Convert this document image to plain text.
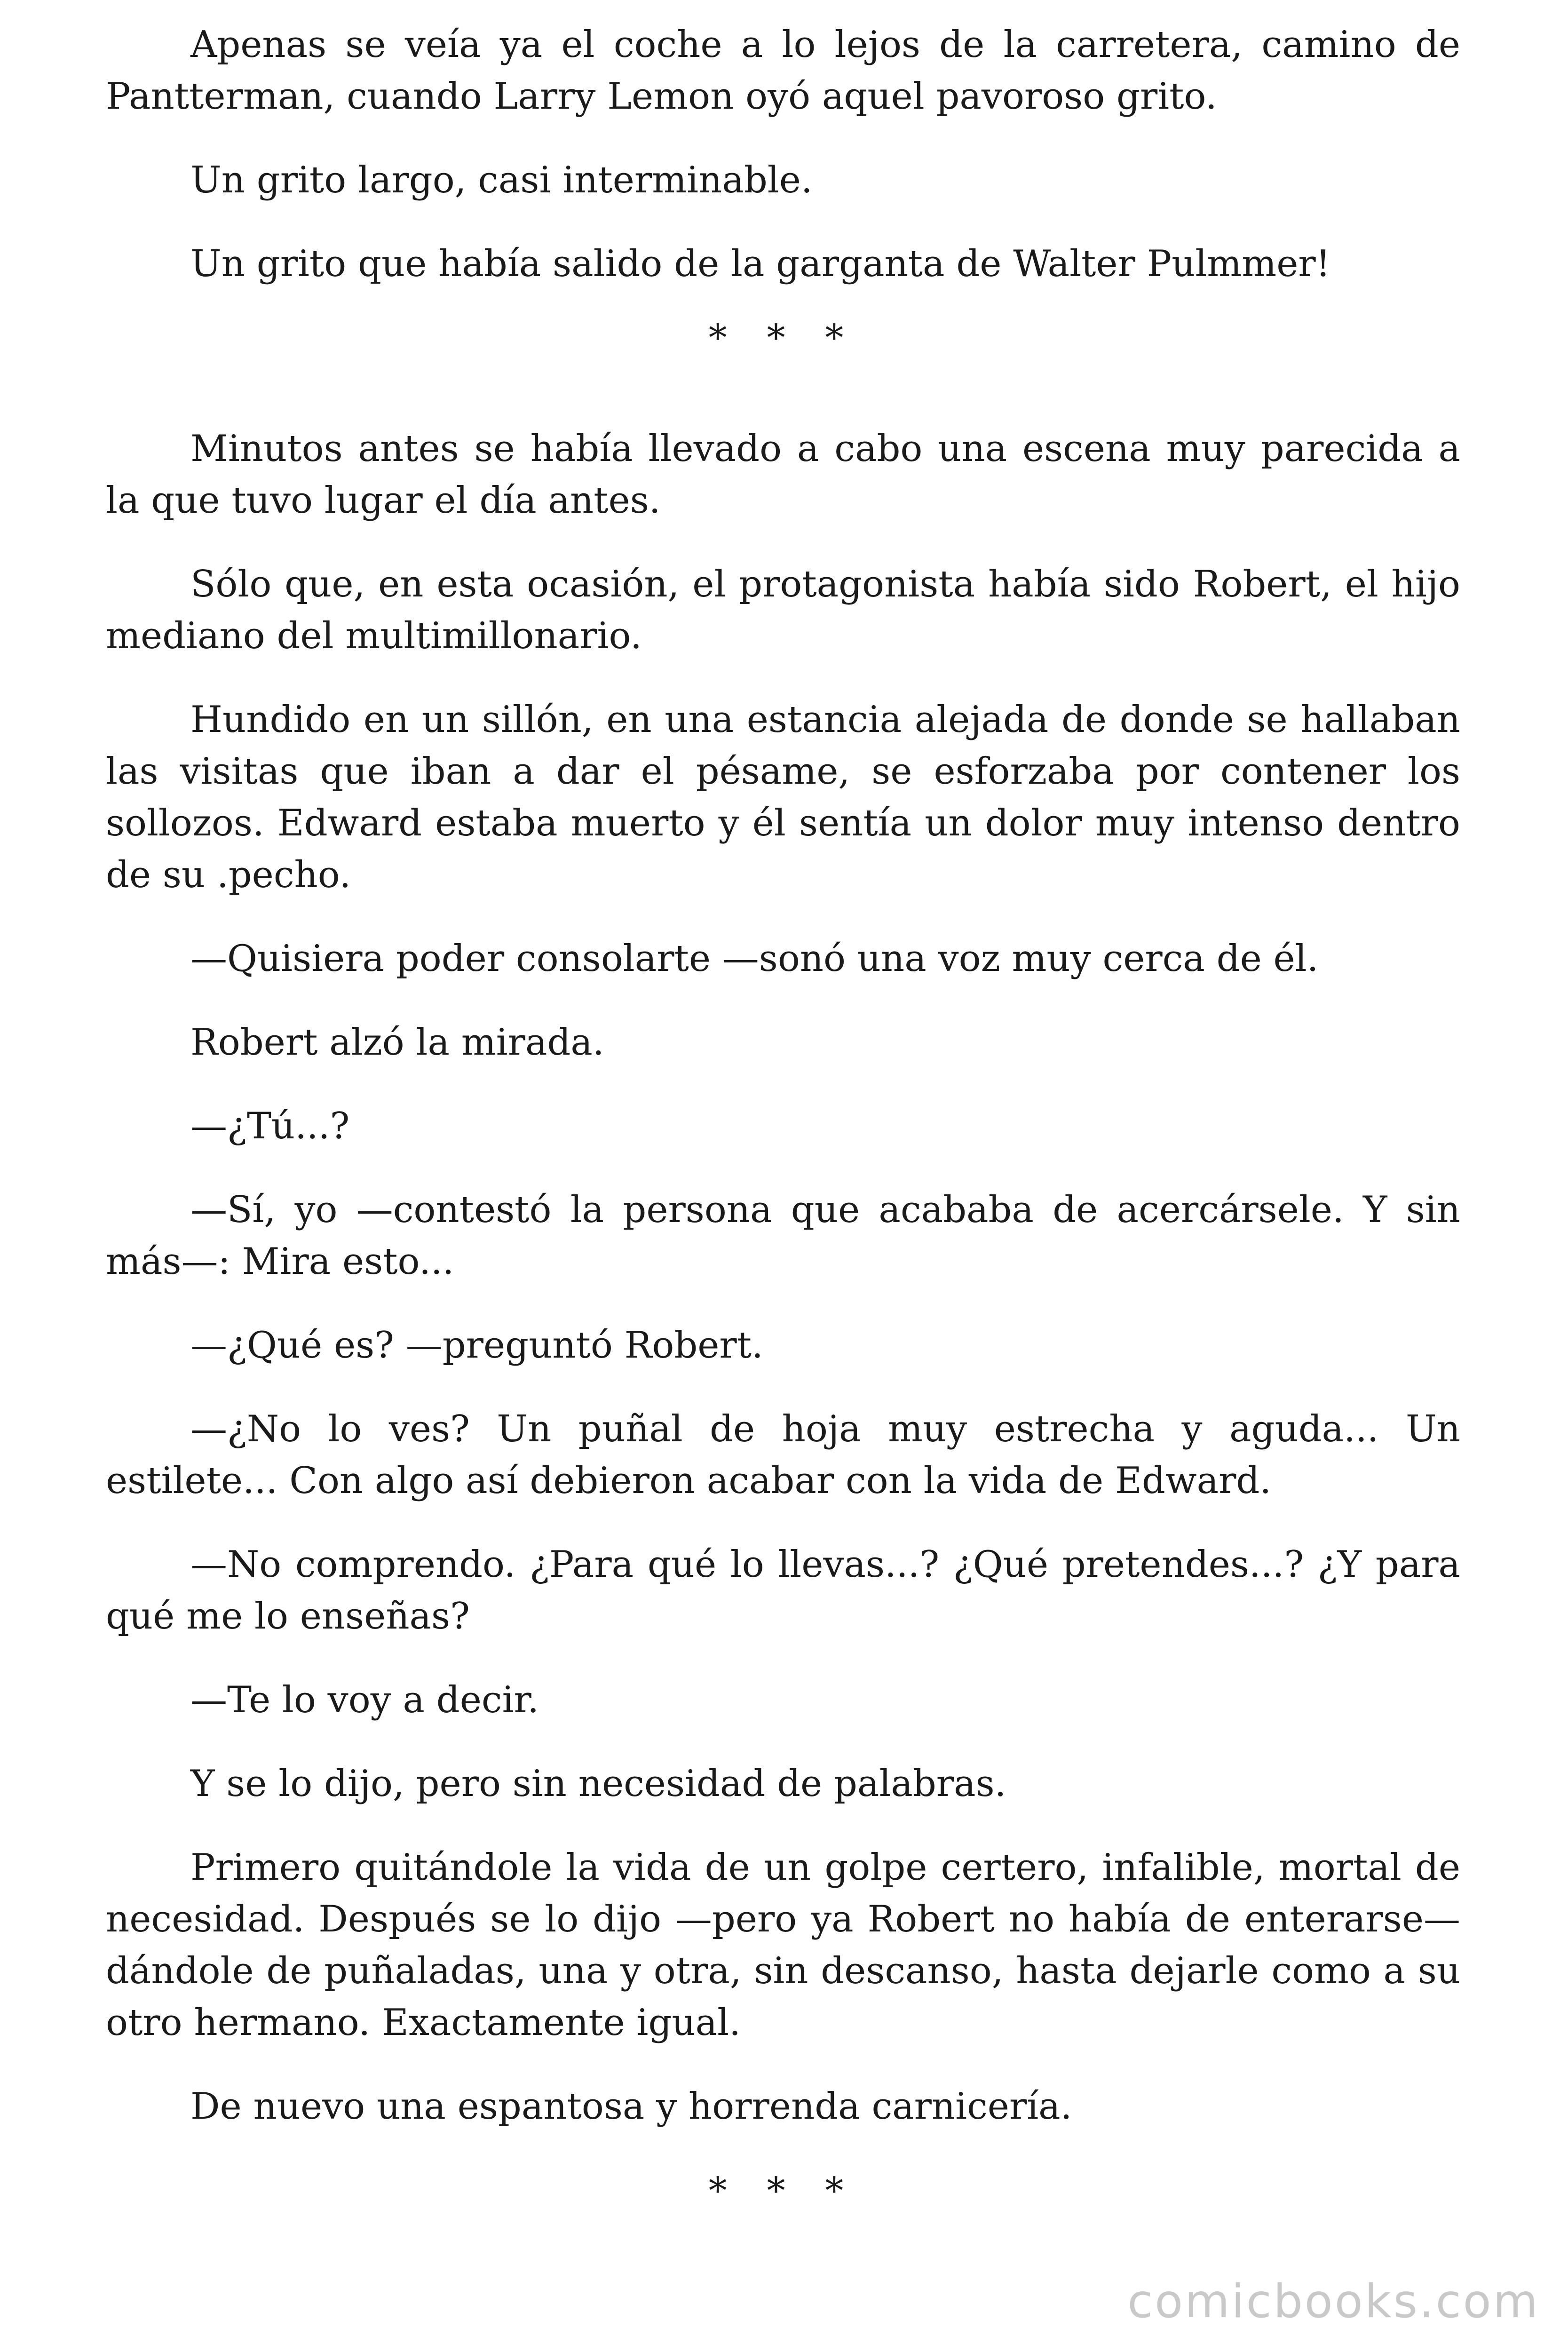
Apenas se veía ya el coche a lo lejos de la carretera, camino de Pantterman, cuando Larry Lemon oyó aquel pavoroso grito.

Un grito largo, casi interminable.

Un grito que había salido de la garganta de Walter Pulmmer!

* * *

Minutos antes se había llevado a cabo una escena muy parecida a la que tuvo lugar el día antes.

Sólo que, en esta ocasión, el protagonista había sido Robert, el hijo mediano del multimillonario.

Hundido en un sillón, en una estancia alejada de donde se hallaban las visitas que iban a dar el pésame, se esforzaba por contener los sollozos. Edward estaba muerto y él sentía un dolor muy intenso dentro de su .pecho.

—Quisiera poder consolarte —sonó una voz muy cerca de él.

Robert alzó la mirada.

—¿Tú...?

—Sí, yo —contestó la persona que acababa de acercársele. Y sin más—: Mira esto...

—¿Qué es? —preguntó Robert.

—¿No lo ves? Un puñal de hoja muy estrecha y aguda... Un estilete... Con algo así debieron acabar con la vida de Edward.

—No comprendo. ¿Para qué lo llevas...? ¿Qué pretendes...? ¿Y para qué me lo enseñas?

—Te lo voy a decir.

Y se lo dijo, pero sin necesidad de palabras.

Primero quitándole la vida de un golpe certero, infalible, mortal de necesidad. Después se lo dijo —pero ya Robert no había de enterarse— dándole de puñaladas, una y otra, sin descanso, hasta dejarle como a su otro hermano. Exactamente igual.

De nuevo una espantosa y horrenda carnicería.

* * *
comicbooks.com
